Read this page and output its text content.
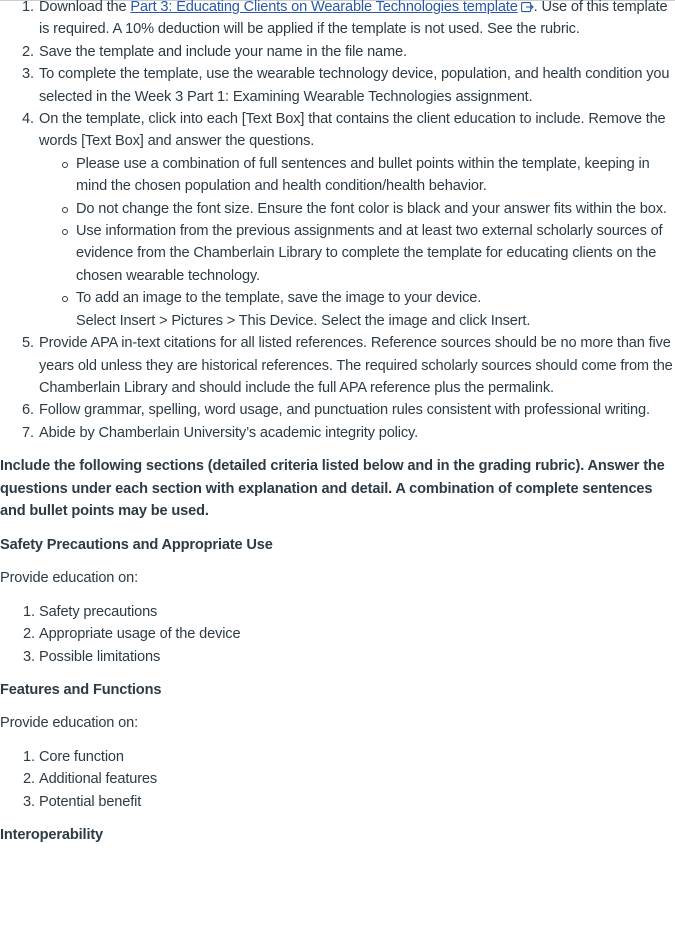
1. Download the Part 3: Educating Clients on Wearable Technologies template . Use of this template is required. A 10% deduction will be applied if the template is not used. See the rubric.
2. Save the template and include your name in the file name.
3. To complete the template, use the wearable technology device, population, and health condition you selected in the Week 3 Part 1: Examining Wearable Technologies assignment.
4. On the template, click into each [Text Box] that contains the client education to include. Remove the words [Text Box] and answer the questions.
Please use a combination of full sentences and bullet points within the template, keeping in mind the chosen population and health condition/health behavior.
Do not change the font size. Ensure the font color is black and your answer fits within the box.
Use information from the previous assignments and at least two external scholarly sources of evidence from the Chamberlain Library to complete the template for educating clients on the chosen wearable technology.
To add an image to the template, save the image to your device.
Select Insert > Pictures > This Device. Select the image and click Insert.
5. Provide APA in-text citations for all listed references. Reference sources should be no more than five years old unless they are historical references. The required scholarly sources should come from the Chamberlain Library and should include the full APA reference plus the permalink.
6. Follow grammar, spelling, word usage, and punctuation rules consistent with professional writing.
7. Abide by Chamberlain University’s academic integrity policy.

Include the following sections (detailed criteria listed below and in the grading rubric). Answer the questions under each section with explanation and detail. A combination of complete sentences and bullet points may be used.

Safety Precautions and Appropriate Use

Provide education on:

1. Safety precautions
2. Appropriate usage of the device
3. Possible limitations

Features and Functions

Provide education on:

1. Core function
2. Additional features
3. Potential benefit

Interoperability
